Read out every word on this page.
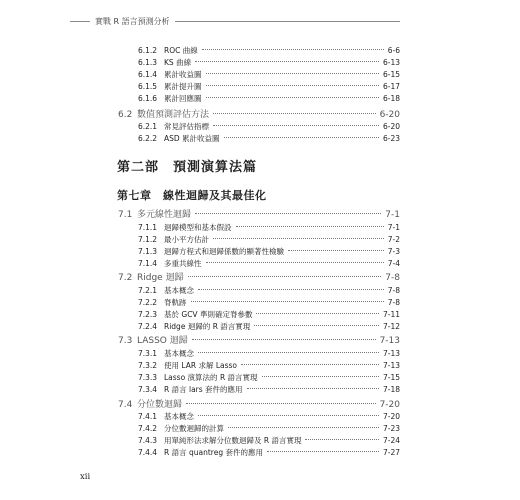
實戰 R 語言預測分析
6.1.2 ROC 曲線	6-6
6.1.3 KS 曲線	6-13
6.1.4 累計收益圖	6-15
6.1.5 累計提升圖	6-17
6.1.6 累計回應圖	6-18
6.2 數值預測評估方法	6-20
6.2.1 常見評估指標	6-20
6.2.2 ASD 累計收益圖	6-23
第二部　預測演算法篇
第七章　線性迴歸及其最佳化
7.1 多元線性迴歸	7-1
7.1.1 迴歸模型和基本假設	7-1
7.1.2 最小平方估計	7-2
7.1.3 迴歸方程式和迴歸係數的顯著性檢驗	7-3
7.1.4 多重共線性	7-4
7.2 Ridge 迴歸	7-8
7.2.1 基本概念	7-8
7.2.2 脊軌跡	7-8
7.2.3 基於 GCV 準則確定脊參數	7-11
7.2.4 Ridge 迴歸的 R 語言實現	7-12
7.3 LASSO 迴歸	7-13
7.3.1 基本概念	7-13
7.3.2 使用 LAR 求解 Lasso	7-13
7.3.3 Lasso 演算法的 R 語言實現	7-15
7.3.4 R 語言 lars 套件的應用	7-18
7.4 分位數迴歸	7-20
7.4.1 基本概念	7-20
7.4.2 分位數迴歸的計算	7-23
7.4.3 用單純形法求解分位數迴歸及 R 語言實現	7-24
7.4.4 R 語言 quantreg 套件的應用	7-27
xii
